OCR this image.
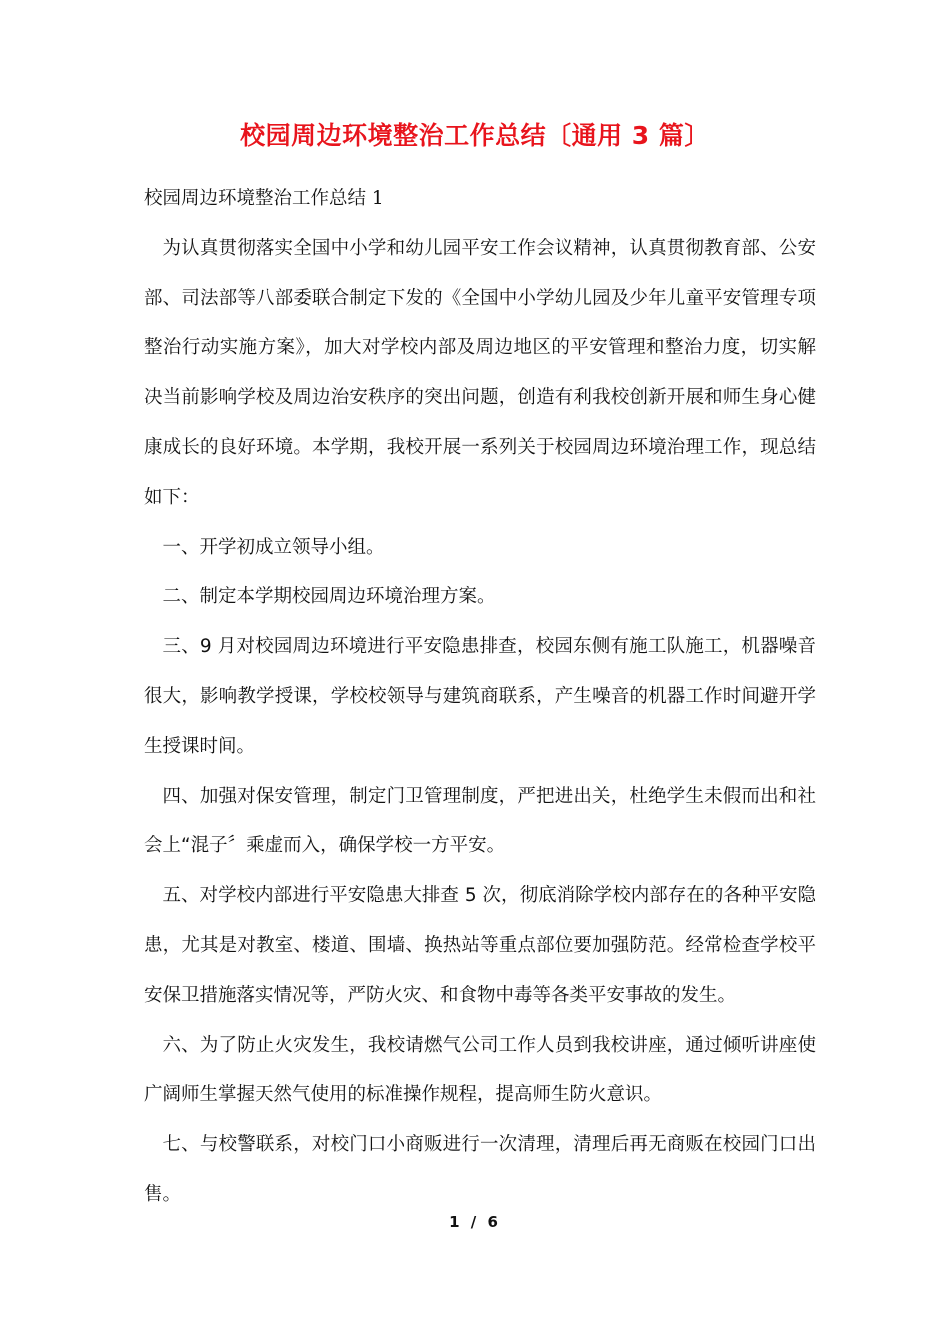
校园周边环境整治工作总结〔通用 3 篇〕
校园周边环境整治工作总结 1

为认真贯彻落实全国中小学和幼儿园平安工作会议精神，认真贯彻教育部、公安部、司法部等八部委联合制定下发的《全国中小学幼儿园及少年儿童平安管理专项整治行动实施方案》，加大对学校内部及周边地区的平安管理和整治力度，切实解决当前影响学校及周边治安秩序的突出问题，创造有利我校创新开展和师生身心健康成长的良好环境。本学期，我校开展一系列关于校园周边环境治理工作，现总结如下：

一、开学初成立领导小组。

二、制定本学期校园周边环境治理方案。

三、9 月对校园周边环境进行平安隐患排查，校园东侧有施工队施工，机器噪音很大，影响教学授课，学校校领导与建筑商联系，产生噪音的机器工作时间避开学生授课时间。

四、加强对保安管理，制定门卫管理制度，严把进出关，杜绝学生未假而出和社会上“混子〞乘虚而入，确保学校一方平安。

五、对学校内部进行平安隐患大排查 5 次，彻底消除学校内部存在的各种平安隐患，尤其是对教室、楼道、围墙、换热站等重点部位要加强防范。经常检查学校平安保卫措施落实情况等，严防火灾、和食物中毒等各类平安事故的发生。

六、为了防止火灾发生，我校请燃气公司工作人员到我校讲座，通过倾听讲座使广阔师生掌握天然气使用的标准操作规程，提高师生防火意识。

七、与校警联系，对校门口小商贩进行一次清理，清理后再无商贩在校园门口出售。

1 / 6
